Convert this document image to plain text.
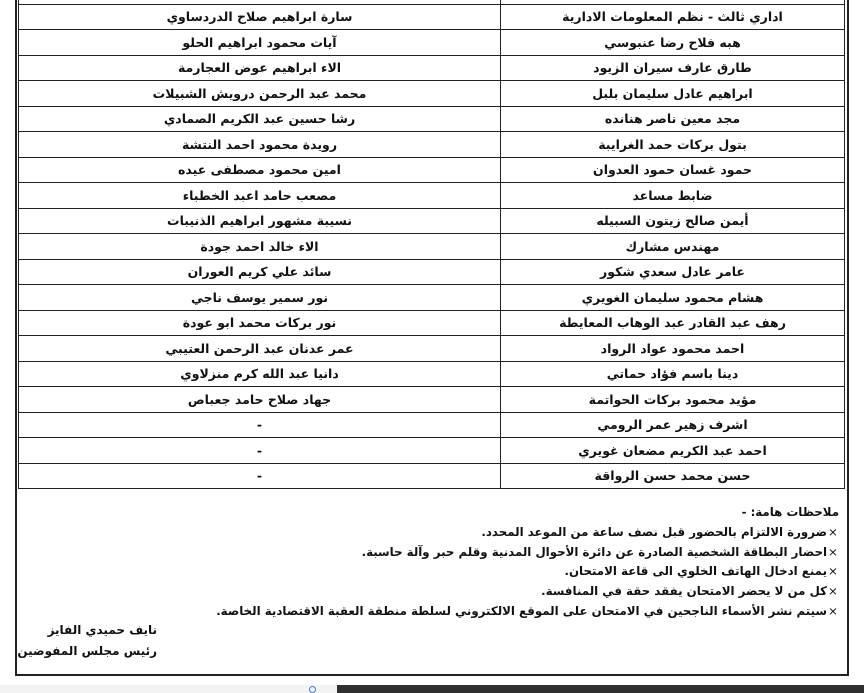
اداري ثالث - نظم المعلومات الادارية	سارة ابراهيم صلاح الدردساوي
هبه فلاح رضا عنبوسي	آيات محمود ابراهيم الحلو
طارق عارف سيران الزيود	الاء ابراهيم عوض العجارمة
ابراهيم عادل سليمان بلبل	محمد عبد الرحمن درويش الشبيلات
مجد معين ناصر هنانده	رشا حسين عبد الكريم الصمادي
بتول بركات حمد الغرايبة	رويدة محمود احمد النتشة
حمود غسان حمود العدوان	امين محمود مصطفى عيده
ضابط مساعد	مصعب حامد اعبد الخطباء
أيمن صالح زيتون السبيله	نسيبة مشهور ابراهيم الذنيبات
مهندس مشارك	الاء خالد احمد جودة
عامر عادل سعدي شكور	سائد علي كريم العوران
هشام محمود سليمان الغويري	نور سمير يوسف ناجي
رهف عبد القادر عبد الوهاب المعايطة	نور بركات محمد ابو عودة
احمد محمود عواد الرواد	عمر عدنان عبد الرحمن العتيبي
دينا باسم فؤاد حماتي	دانيا عبد الله كرم منزلاوي
مؤيد محمود بركات الحواتمة	جهاد صلاح حامد جعباص
اشرف زهير عمر الرومي	-
احمد عبد الكريم مضعان غويري	-
حسن محمد حسن الرواقة	-

ملاحظات هامة: -

×ضرورة الالتزام بالحضور قبل نصف ساعة من الموعد المحدد.

×احضار البطاقة الشخصية الصادرة عن دائرة الأحوال المدنية وقلم حبر وآلة حاسبة.

×يمنع ادخال الهاتف الخلوي الى قاعة الامتحان.

×كل من لا يحضر الامتحان يفقد حقة في المنافسة.

×سيتم نشر الأسماء الناجحين في الامتحان على الموقع الالكتروني لسلطة منطقة العقبة الاقتصادية الخاصة.

نايف حميدي الفايز
رئيس مجلس المفوضين
